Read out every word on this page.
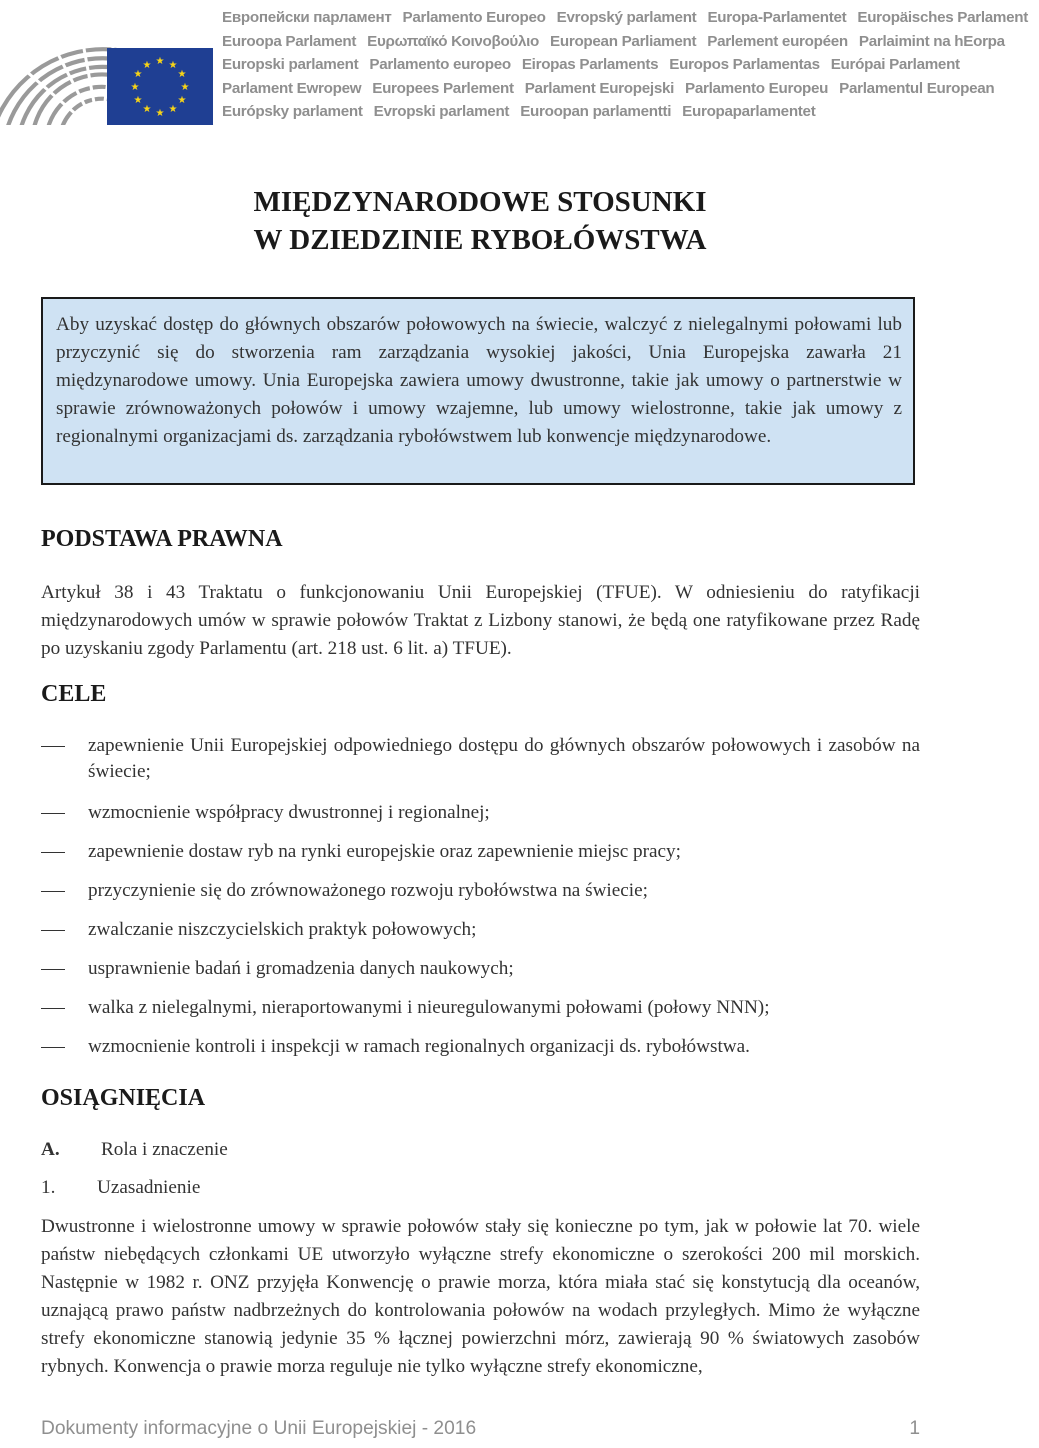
★ ★
★
★
★
★
★
★
★
★
★
★
Европейски парламент Parlamento Europeo Evropský parlament Europa-Parlamentet Europäisches Parlament
Euroopa Parlament Ευρωπαϊκό Κοινοβούλιο European Parliament Parlement européen Parlaimint na hEorpa
Europski parlament Parlamento europeo Eiropas Parlaments Europos Parlamentas Európai Parlament
Parlament Ewropew Europees Parlement Parlament Europejski Parlamento Europeu Parlamentul European
Európsky parlament Evropski parlament Euroopan parlamentti Europaparlamentet
MIĘDZYNARODOWE STOSUNKI
W DZIEDZINIE RYBOŁÓWSTWA
Aby uzyskać dostęp do głównych obszarów połowowych na świecie, walczyć z nielegalnymi połowami lub przyczynić się do stworzenia ram zarządzania wysokiej jakości, Unia Europejska zawarła 21 międzynarodowe umowy. Unia Europejska zawiera umowy dwustronne, takie jak umowy o partnerstwie w sprawie zrównoważonych połowów i umowy wzajemne, lub umowy wielostronne, takie jak umowy z regionalnymi organizacjami ds. zarządzania rybołówstwem lub konwencje międzynarodowe.
PODSTAWA PRAWNA

Artykuł 38 i 43 Traktatu o funkcjonowaniu Unii Europejskiej (TFUE). W odniesieniu do ratyfikacji międzynarodowych umów w sprawie połowów Traktat z Lizbony stanowi, że będą one ratyfikowane przez Radę po uzyskaniu zgody Parlamentu (art. 218 ust. 6 lit. a) TFUE).

CELE
zapewnienie Unii Europejskiej odpowiedniego dostępu do głównych obszarów połowowych i zasobów na świecie;
wzmocnienie współpracy dwustronnej i regionalnej;
zapewnienie dostaw ryb na rynki europejskie oraz zapewnienie miejsc pracy;
przyczynienie się do zrównoważonego rozwoju rybołówstwa na świecie;
zwalczanie niszczycielskich praktyk połowowych;
usprawnienie badań i gromadzenia danych naukowych;
walka z nielegalnymi, nieraportowanymi i nieuregulowanymi połowami (połowy NNN);
wzmocnienie kontroli i inspekcji w ramach regionalnych organizacji ds. rybołówstwa.
OSIĄGNIĘCIA
A. Rola i znaczenie
1. Uzasadnienie

Dwustronne i wielostronne umowy w sprawie połowów stały się konieczne po tym, jak w połowie lat 70. wiele państw niebędących członkami UE utworzyło wyłączne strefy ekonomiczne o szerokości 200 mil morskich. Następnie w 1982 r. ONZ przyjęła Konwencję o prawie morza, która miała stać się konstytucją dla oceanów, uznającą prawo państw nadbrzeżnych do kontrolowania połowów na wodach przyległych. Mimo że wyłączne strefy ekonomiczne stanowią jedynie 35 % łącznej powierzchni mórz, zawierają 90 % światowych zasobów rybnych. Konwencja o prawie morza reguluje nie tylko wyłączne strefy ekonomiczne,

Dokumenty informacyjne o Unii Europejskiej - 2016	1
